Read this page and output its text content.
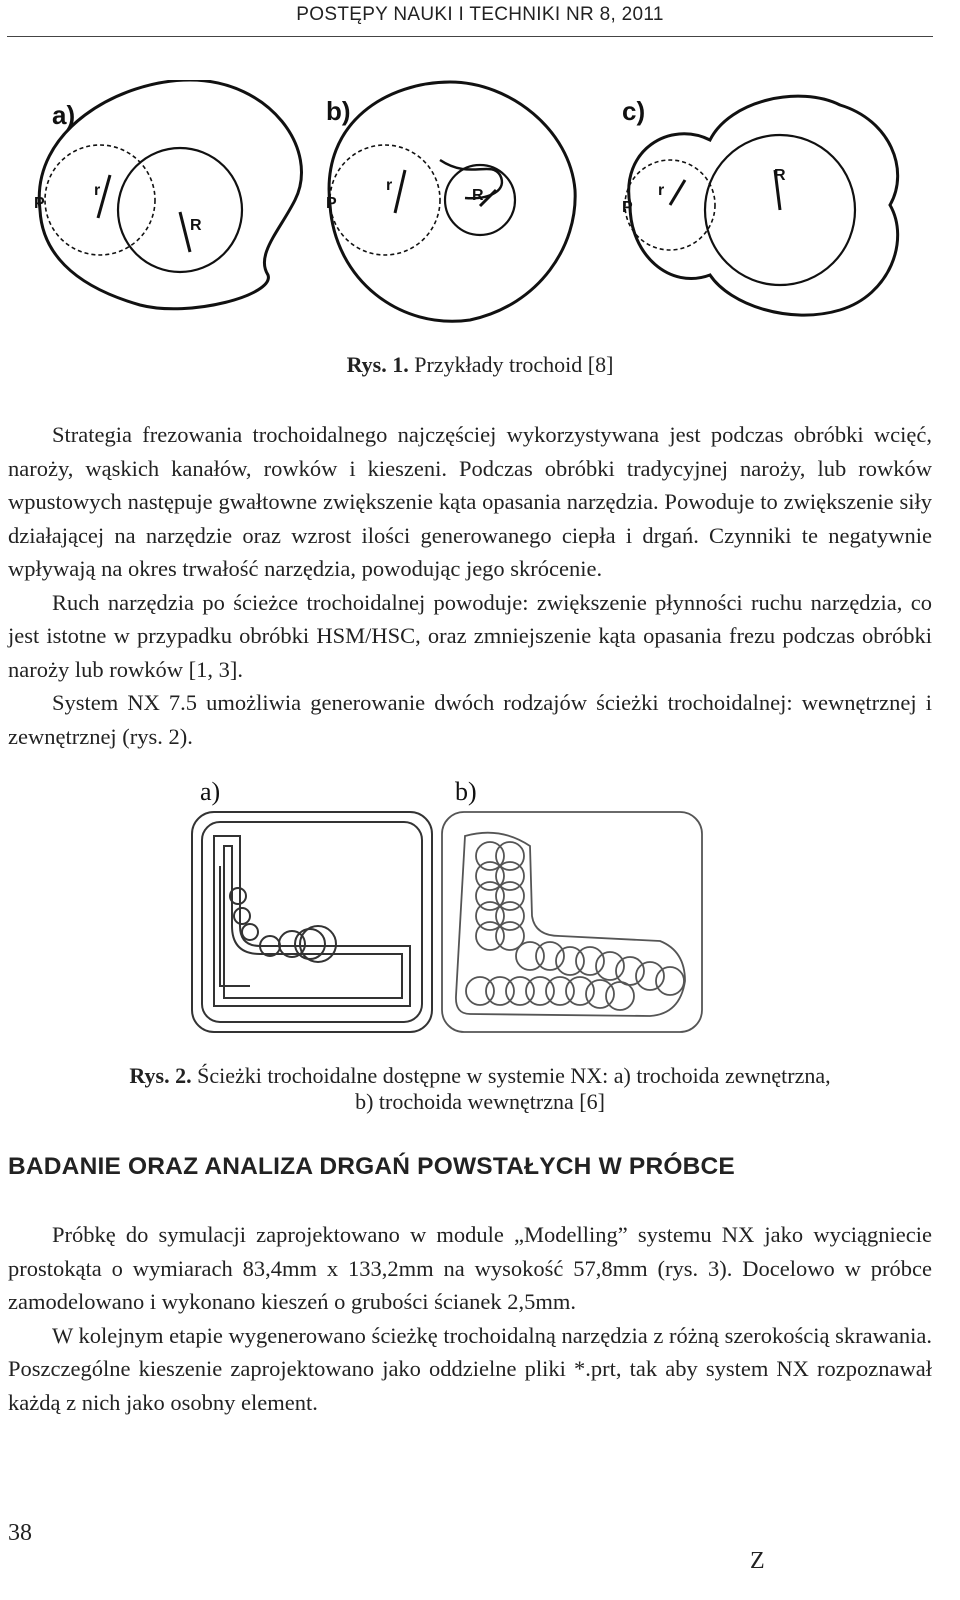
POSTĘPY NAUKI I TECHNIKI NR 8, 2011
a)	b)	c)
P	P	P
r	r	r
R
R
R
Rys. 1. Przykłady trochoid [8]

Strategia frezowania trochoidalnego najczęściej wykorzystywana jest podczas obróbki wcięć, naroży, wąskich kanałów, rowków i kieszeni. Podczas obróbki tradycyjnej naroży, lub rowków wpustowych następuje gwałtowne zwiększenie kąta opasania narzędzia. Powoduje to zwiększenie siły działającej na narzędzie oraz wzrost ilości generowanego ciepła i drgań. Czynniki te negatywnie wpływają na okres trwałość narzędzia, powodując jego skrócenie.

Ruch narzędzia po ścieżce trochoidalnej powoduje: zwiększenie płynności ruchu narzędzia, co jest istotne w przypadku obróbki HSM/HSC, oraz zmniejszenie kąta opasania frezu podczas obróbki naroży lub rowków [1, 3].

System NX 7.5 umożliwia generowanie dwóch rodzajów ścieżki trochoidalnej: wewnętrznej i zewnętrznej (rys. 2).

a)	b)
Rys. 2. Ścieżki trochoidalne dostępne w systemie NX: a) trochoida zewnętrzna,
b) trochoida wewnętrzna [6]
BADANIE ORAZ ANALIZA DRGAŃ POWSTAŁYCH W PRÓBCE

Próbkę do symulacji zaprojektowano w module „Modelling” systemu NX jako wyciągniecie prostokąta o wymiarach 83,4mm x 133,2mm na wysokość 57,8mm (rys. 3). Docelowo w próbce zamodelowano i wykonano kieszeń o grubości ścianek 2,5mm.

W kolejnym etapie wygenerowano ścieżkę trochoidalną narzędzia z różną szerokością skrawania. Poszczególne kieszenie zaprojektowano jako oddzielne pliki *.prt, tak aby system NX rozpoznawał każdą z nich jako osobny element.

38
Z
